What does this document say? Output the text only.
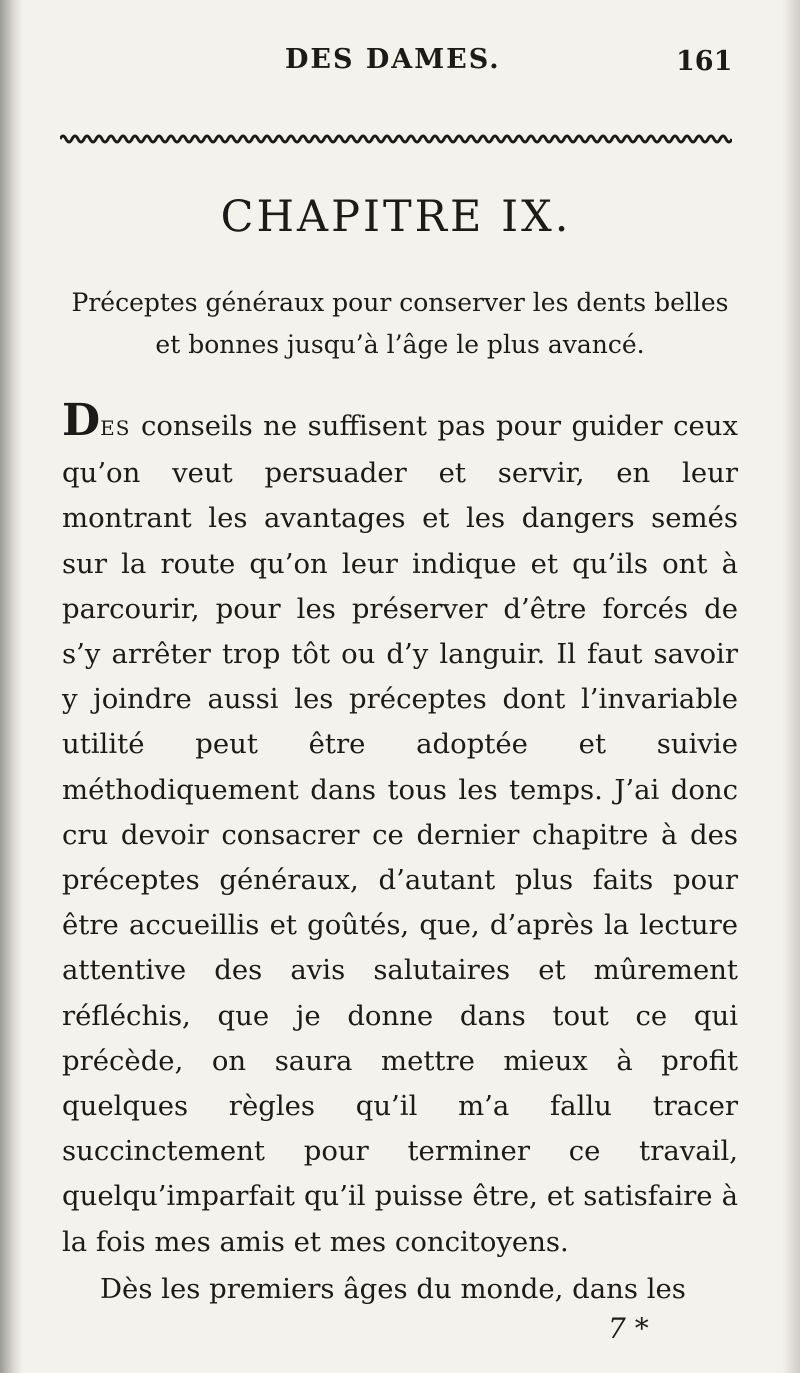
DES DAMES.	161
CHAPITRE IX.
Préceptes généraux pour conserver les dents belles
et bonnes jusqu’à l’âge le plus avancé.

DES conseils ne suffisent pas pour guider ceux qu’on veut persuader et servir, en leur montrant les avantages et les dangers semés sur la route qu’on leur indique et qu’ils ont à parcourir, pour les préserver d’être forcés de s’y arrêter trop tôt ou d’y languir. Il faut savoir y joindre aussi les préceptes dont l’invariable utilité peut être adoptée et suivie méthodiquement dans tous les temps. J’ai donc cru devoir consacrer ce dernier chapitre à des préceptes généraux, d’autant plus faits pour être accueillis et goûtés, que, d’après la lecture attentive des avis salutaires et mûrement réfléchis, que je donne dans tout ce qui précède, on saura mettre mieux à profit quelques règles qu’il m’a fallu tracer succinctement pour terminer ce travail, quelqu’imparfait qu’il puisse être, et satisfaire à la fois mes amis et mes concitoyens.

Dès les premiers âges du monde, dans les

7 *
